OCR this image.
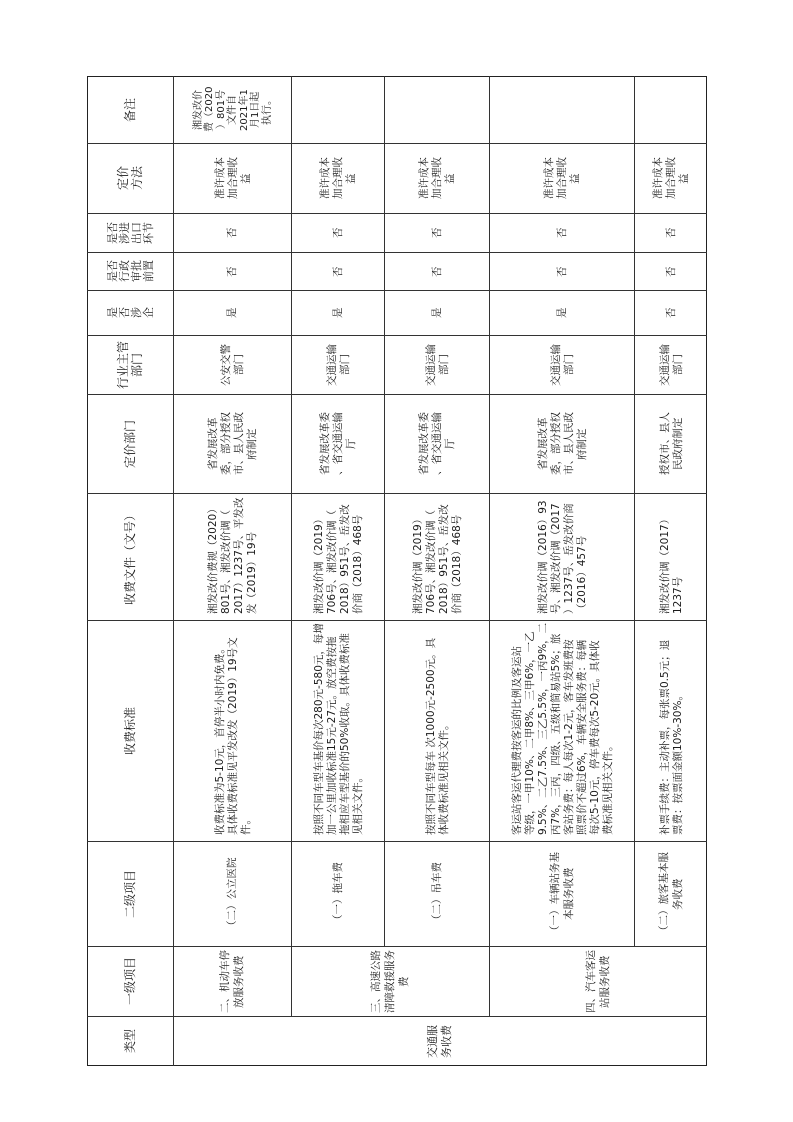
类型
一级项目
二级项目
收费标准
收费文件（文号）
定价部门
行业主管 部门
是 否 涉 企
是否 行政 审批 前置
是否 涉进 出口 环节
定价 方法
备注
交通服 务收费
二、机动车停 放服务收费
（二）公立医院
收费标准为5-10元，首停半小时内免费。 具体收费标准见平发改发（2019）19号文 件。
湘发改价费规（2020） 801号、湘发改价调（ 2017）1237号、平发改 发（2019）19号
省发展改革 委，部分授权 市、县人民政 府制定
公安交警 部门
是
否
否
准许成本 加合理收 益
湘发改价 费（2020 ）801号 文件自 2021年1 月1日起 执行。
三、高速公路 清障救援服务 费
（一）拖车费
按照不同车型车基价每次280元-580元，每增 加一公里加收标准15元-27元。放空费按拖 拖相应车型基价的50%收取。具体收费标准 见相关文件。
湘发改价调（2019） 706号、湘发改价调（ 2018）951号、岳发改 价商（2018）468号
省发展改革委 、省交通运输 厅
交通运输 部门
是
否
否
准许成本 加合理收 益
（二）吊车费
按照不同车型每车 次1000元-2500元。具 体收费标准见相关文件。
湘发改价调（2019） 706号、湘发改价调（ 2018）951号、岳发改 价商（2018）468号
省发展改革委 、省交通运输 厅
交通运输 部门
是
否
否
准许成本 加合理收 益
四、汽车客运 站服务收费
（一）车辆站务基 本服务收费
客运站客运代理费按客运的比例及客运站 等级，一甲10%、二甲8%、三甲6%，一乙 9.5%、二乙7.5%、三乙5.5%，一丙9%，二 丙7%，三丙，四级、五级和简易站5%；旅 客站务费：每人每次1-2元，客车发班费按 照票价不超过6%，车辆安全服务费：每辆 每次5-10元，停车费每次5-20元。具体收 费标准见相关文件。
湘发改价调（2016）93 号、湘发改价调（2017 ）1237号、岳发改价商 （2016）457号
省发展改革 委，部分授权 市、县人民政 府制定
交通运输 部门
是
否
否
准许成本 加合理收 益
（二）旅客基本服 务收费
补票手续费：主动补票，每张票0.5元；退 票费：按票面金额10%-30%。
湘发改价调（2017） 1237号
授权市、县人 民政府制定
交通运输 部门
否
否
否
准许成本 加合理收 益
